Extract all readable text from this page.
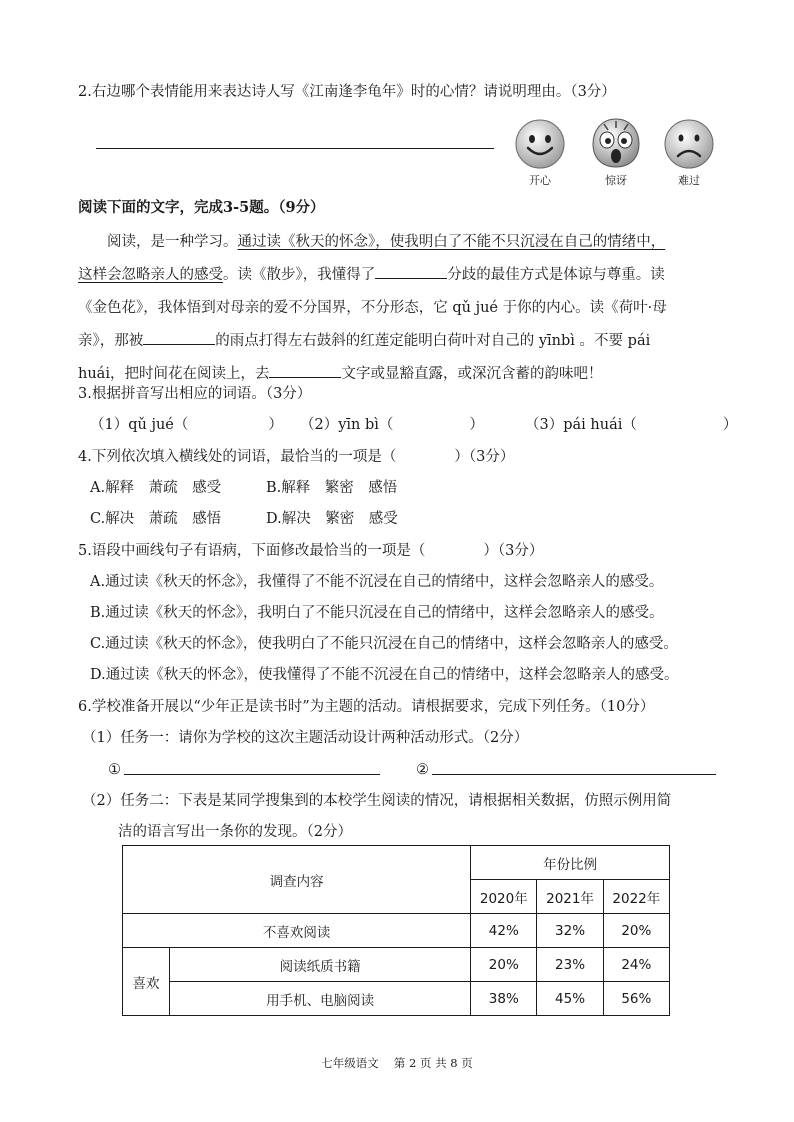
2.右边哪个表情能用来表达诗人写《江南逢李龟年》时的心情？请说明理由。（3分）
开心	惊讶	难过
阅读下面的文字，完成3-5题。（9分）
　　阅读，是一种学习。通过读《秋天的怀念》，使我明白了不能不只沉浸在自己的情绪中，
这样会忽略亲人的感受。读《散步》，我懂得了	分歧的最佳方式是体谅与尊重。读
《金色花》，我体悟到对母亲的爱不分国界，不分形态，它 qǔ jué 于你的内心。读《荷叶·母
亲》，那被	的雨点打得左右鼓斜的红莲定能明白荷叶对自己的 yīnbì 。不要 pái
huái，把时间花在阅读上，去	文字或显豁直露，或深沉含蓄的韵味吧！
3.根据拼音写出相应的词语。（3分）
（1）qǔ jué（	） （2）yīn bì（	）	（3）pái huái（	）
4.下列依次填入横线处的词语，最恰当的一项是（	）（3分）
A.解释　萧疏　感受	B.解释　繁密　感悟
C.解决　萧疏　感悟	D.解决　繁密　感受
5.语段中画线句子有语病，下面修改最恰当的一项是（	）（3分）
A.通过读《秋天的怀念》，我懂得了不能不沉浸在自己的情绪中，这样会忽略亲人的感受。
B.通过读《秋天的怀念》，我明白了不能只沉浸在自己的情绪中，这样会忽略亲人的感受。
C.通过读《秋天的怀念》，使我明白了不能只沉浸在自己的情绪中，这样会忽略亲人的感受。
D.通过读《秋天的怀念》，使我懂得了不能不沉浸在自己的情绪中，这样会忽略亲人的感受。
6.学校准备开展以“少年正是读书时”为主题的活动。请根据要求，完成下列任务。（10分）
（1）任务一：请你为学校的这次主题活动设计两种活动形式。（2分）
①	②
（2）任务二：下表是某同学搜集到的本校学生阅读的情况，请根据相关数据，仿照示例用简
洁的语言写出一条你的发现。（2分）
调查内容		年份比例		
		2020年	2021年	2022年
不喜欢阅读		42%	32%	20%
喜欢	阅读纸质书籍	20%	23%	24%
	用手机、电脑阅读	38%	45%	56%
七年级语文　 第 2 页 共 8 页
